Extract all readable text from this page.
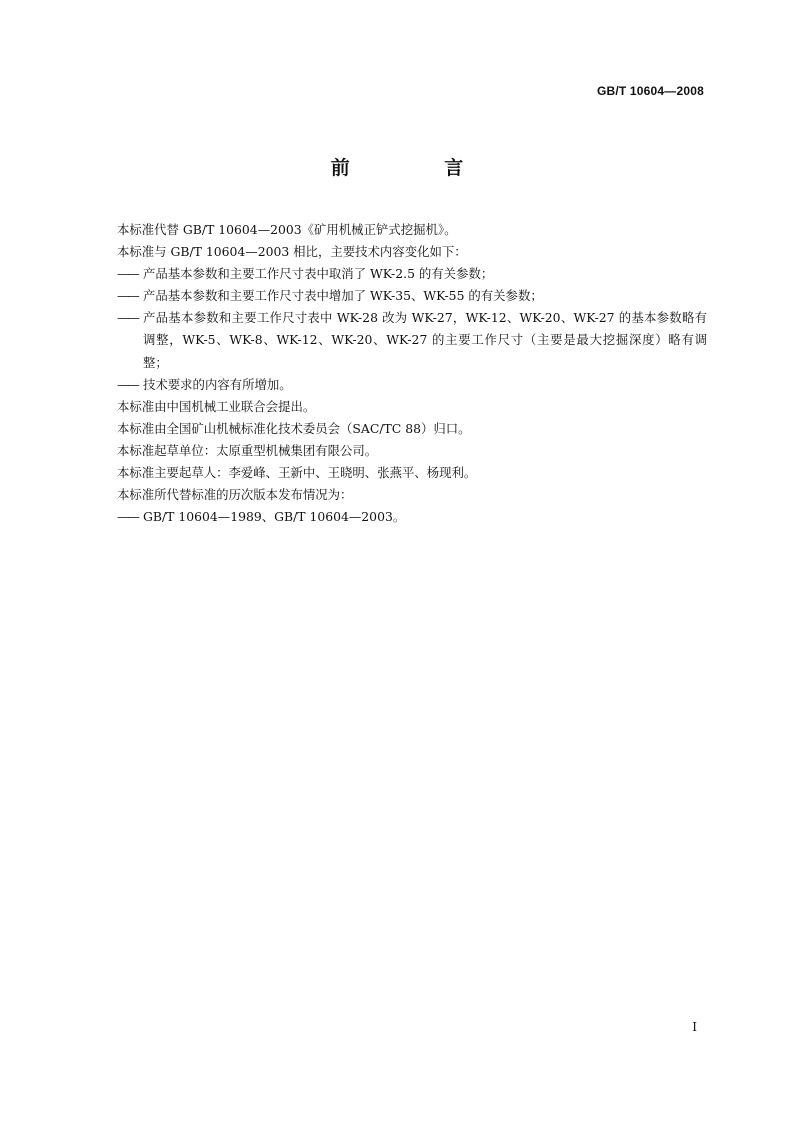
GB/T 10604—2008
前 言

本标准代替 GB/T 10604—2003《矿用机械正铲式挖掘机》。

本标准与 GB/T 10604—2003 相比，主要技术内容变化如下：

—— 产品基本参数和主要工作尺寸表中取消了 WK-2.5 的有关参数；
—— 产品基本参数和主要工作尺寸表中增加了 WK-35、WK-55 的有关参数；
—— 产品基本参数和主要工作尺寸表中 WK-28 改为 WK-27，WK-12、WK-20、WK-27 的基本参数略有调整，WK-5、WK-8、WK-12、WK-20、WK-27 的主要工作尺寸（主要是最大挖掘深度）略有调整；
—— 技术要求的内容有所增加。

本标准由中国机械工业联合会提出。

本标准由全国矿山机械标准化技术委员会（SAC/TC 88）归口。

本标准起草单位：太原重型机械集团有限公司。

本标准主要起草人：李爱峰、王新中、王晓明、张燕平、杨现利。

本标准所代替标准的历次版本发布情况为：

—— GB/T 10604—1989、GB/T 10604—2003。
I
